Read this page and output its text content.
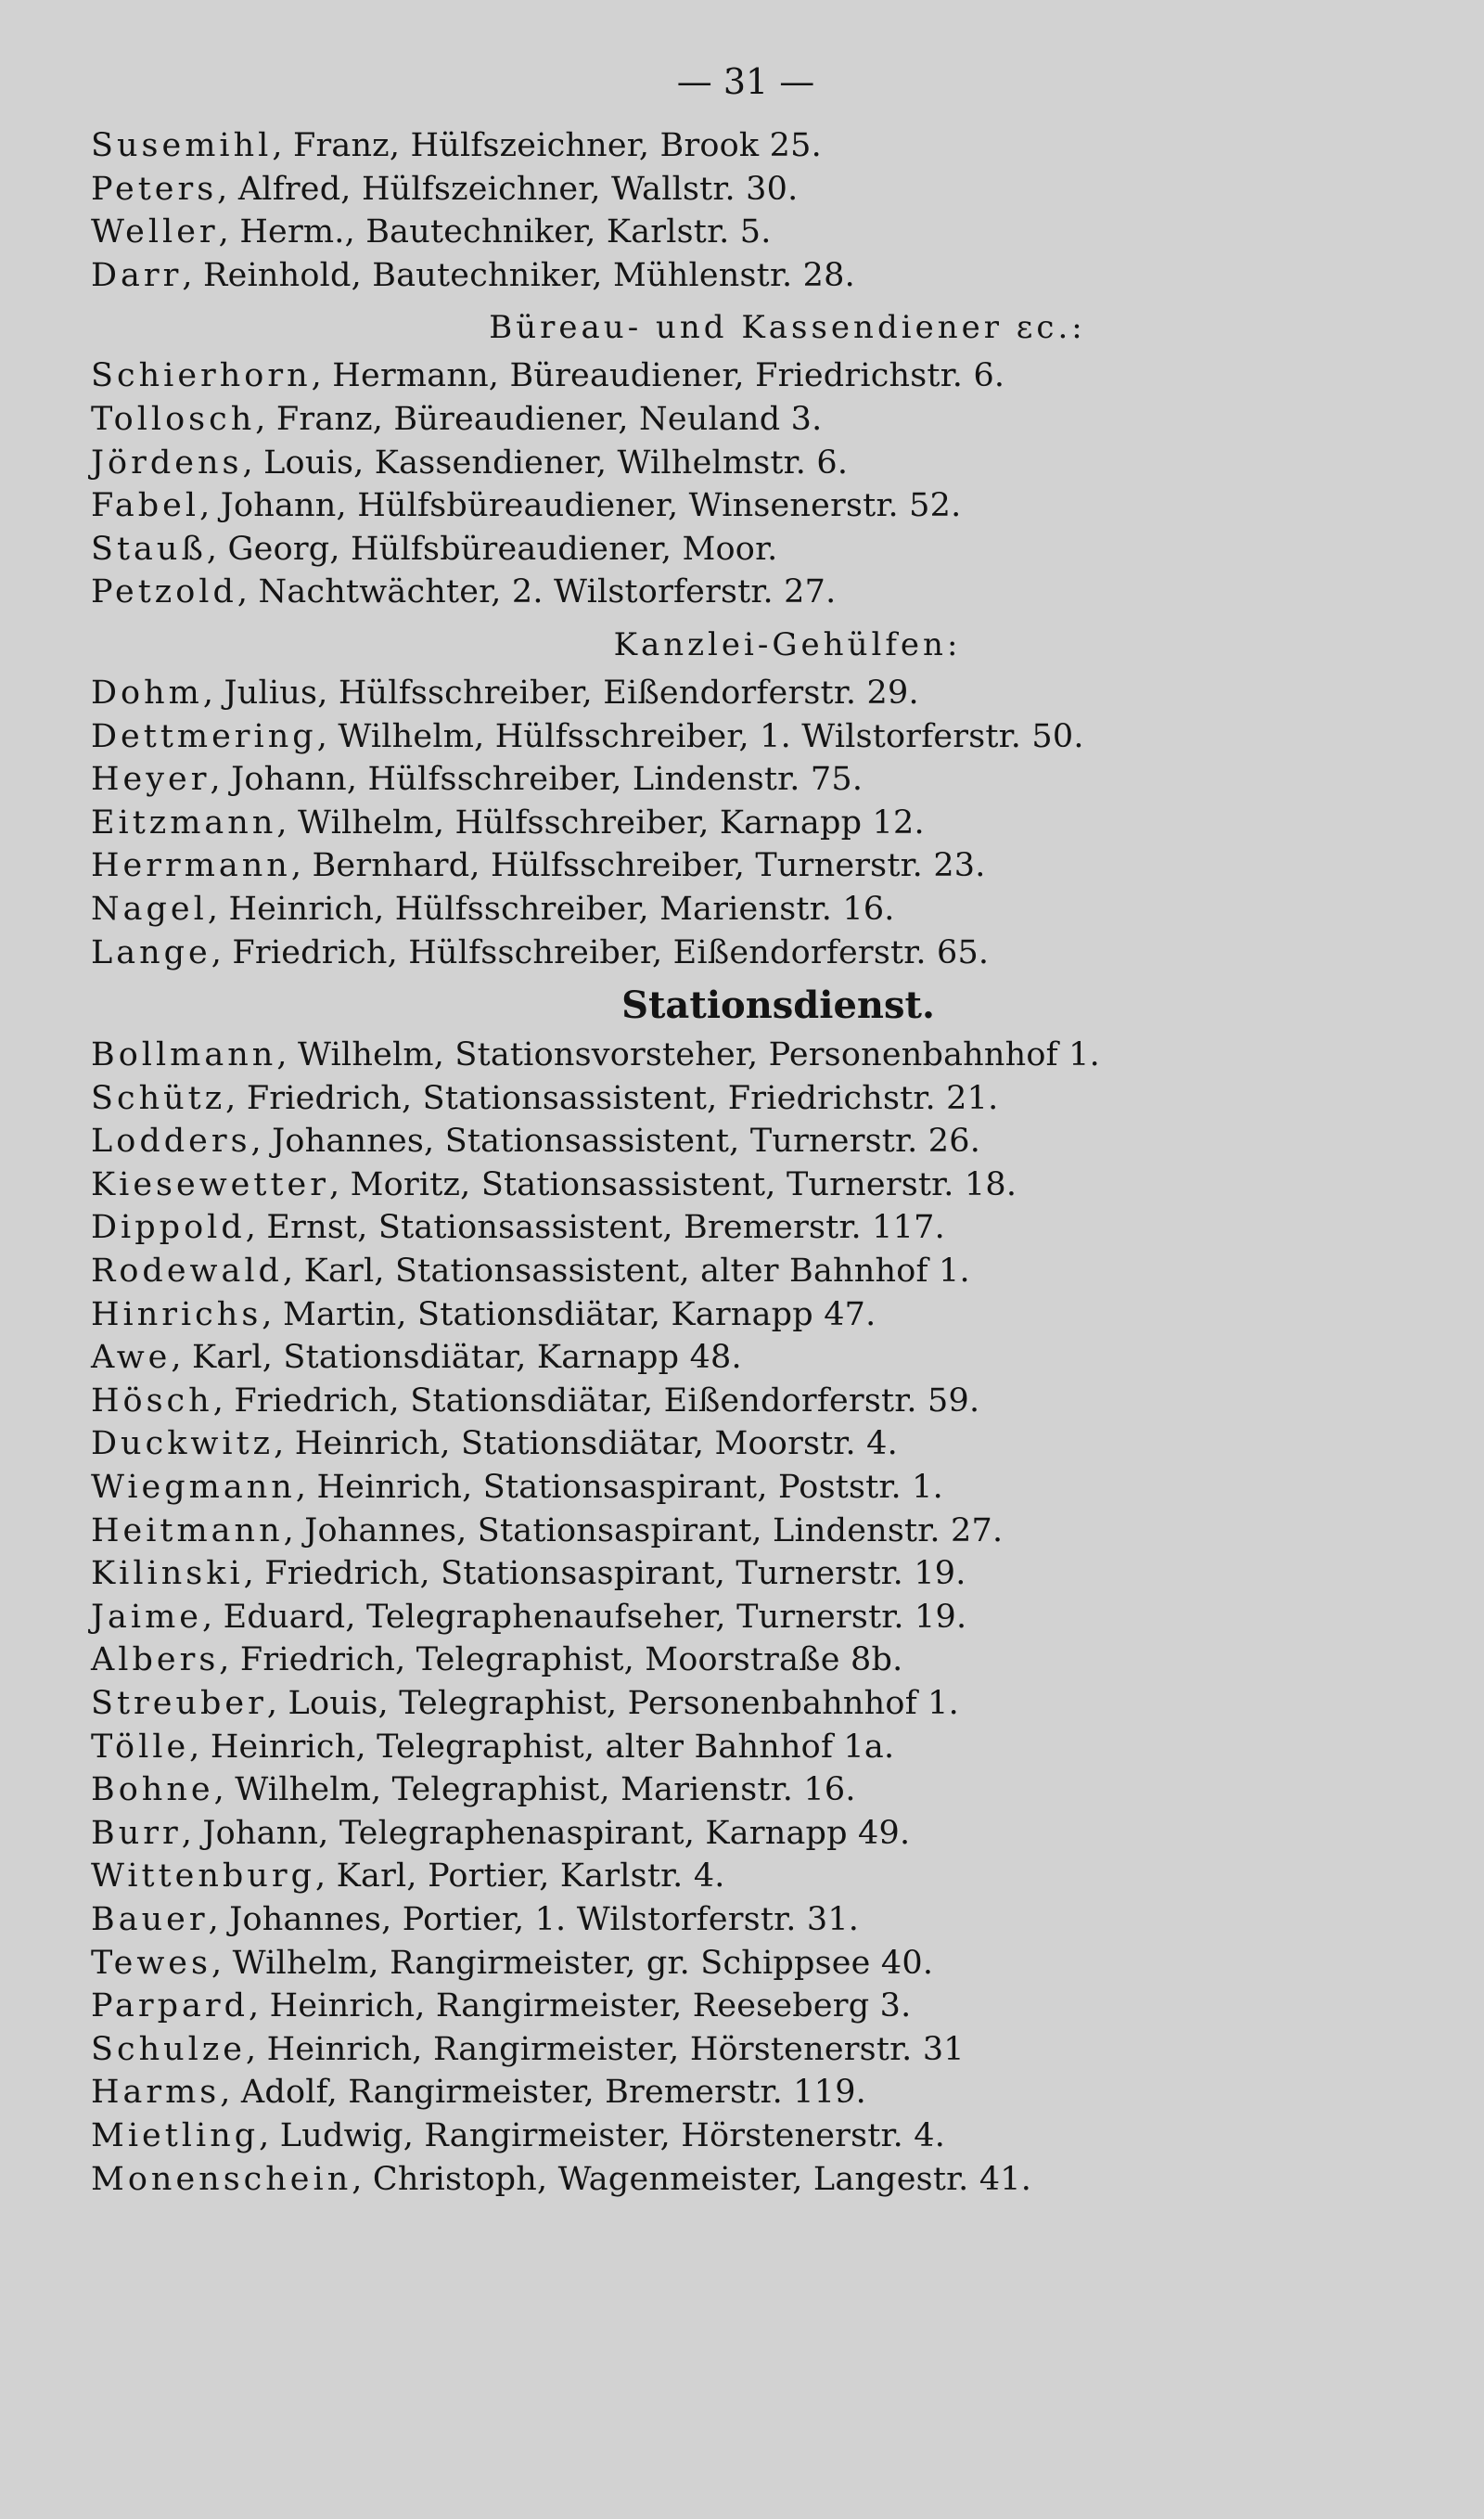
— 31 —
Susemihl, Franz, Hülfszeichner, Brook 25.
Peters, Alfred, Hülfszeichner, Wallstr. 30.
Weller, Herm., Bautechniker, Karlstr. 5.
Darr, Reinhold, Bautechniker, Mühlenstr. 28.
Büreau- und Kassendiener ɛc.:
Schierhorn, Hermann, Büreaudiener, Friedrichstr. 6.
Tollosch, Franz, Büreaudiener, Neuland 3.
Jördens, Louis, Kassendiener, Wilhelmstr. 6.
Fabel, Johann, Hülfsbüreaudiener, Winsenerstr. 52.
Stauß, Georg, Hülfsbüreaudiener, Moor.
Petzold, Nachtwächter, 2. Wilstorferstr. 27.
Kanzlei-Gehülfen:
Dohm, Julius, Hülfsschreiber, Eißendorferstr. 29.
Dettmering, Wilhelm, Hülfsschreiber, 1. Wilstorferstr. 50.
Heyer, Johann, Hülfsschreiber, Lindenstr. 75.
Eitzmann, Wilhelm, Hülfsschreiber, Karnapp 12.
Herrmann, Bernhard, Hülfsschreiber, Turnerstr. 23.
Nagel, Heinrich, Hülfsschreiber, Marienstr. 16.
Lange, Friedrich, Hülfsschreiber, Eißendorferstr. 65.
Stationsdienst.
Bollmann, Wilhelm, Stationsvorsteher, Personenbahnhof 1.
Schütz, Friedrich, Stationsassistent, Friedrichstr. 21.
Lodders, Johannes, Stationsassistent, Turnerstr. 26.
Kiesewetter, Moritz, Stationsassistent, Turnerstr. 18.
Dippold, Ernst, Stationsassistent, Bremerstr. 117.
Rodewald, Karl, Stationsassistent, alter Bahnhof 1.
Hinrichs, Martin, Stationsdiätar, Karnapp 47.
Awe, Karl, Stationsdiätar, Karnapp 48.
Hösch, Friedrich, Stationsdiätar, Eißendorferstr. 59.
Duckwitz, Heinrich, Stationsdiätar, Moorstr. 4.
Wiegmann, Heinrich, Stationsaspirant, Poststr. 1.
Heitmann, Johannes, Stationsaspirant, Lindenstr. 27.
Kilinski, Friedrich, Stationsaspirant, Turnerstr. 19.
Jaime, Eduard, Telegraphenaufseher, Turnerstr. 19.
Albers, Friedrich, Telegraphist, Moorstraße 8b.
Streuber, Louis, Telegraphist, Personenbahnhof 1.
Tölle, Heinrich, Telegraphist, alter Bahnhof 1a.
Bohne, Wilhelm, Telegraphist, Marienstr. 16.
Burr, Johann, Telegraphenaspirant, Karnapp 49.
Wittenburg, Karl, Portier, Karlstr. 4.
Bauer, Johannes, Portier, 1. Wilstorferstr. 31.
Tewes, Wilhelm, Rangirmeister, gr. Schippsee 40.
Parpard, Heinrich, Rangirmeister, Reeseberg 3.
Schulze, Heinrich, Rangirmeister, Hörstenerstr. 31
Harms, Adolf, Rangirmeister, Bremerstr. 119.
Mietling, Ludwig, Rangirmeister, Hörstenerstr. 4.
Monenschein, Christoph, Wagenmeister, Langestr. 41.
